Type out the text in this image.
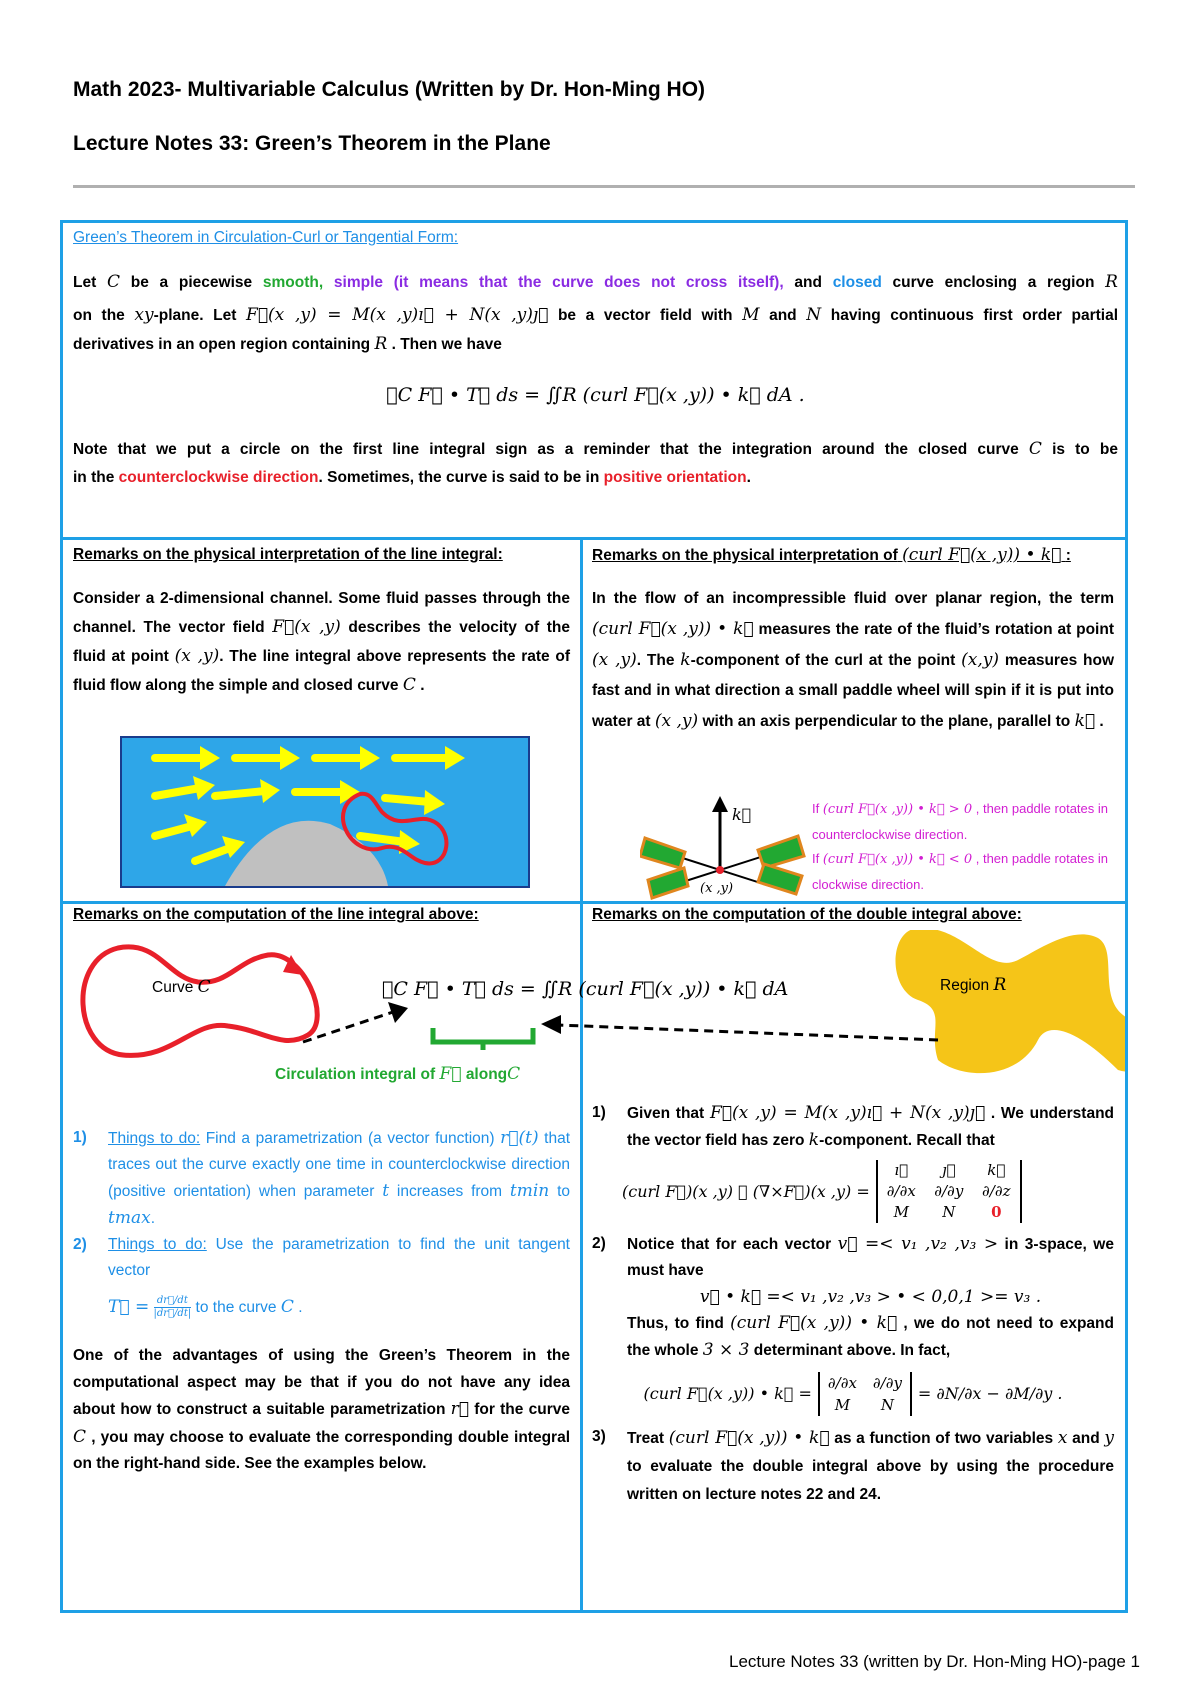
Math 2023- Multivariable Calculus (Written by Dr. Hon-Ming HO)
Lecture Notes 33: Green’s Theorem in the Plane
Green’s Theorem in Circulation-Curl or Tangential Form:
Let C be a piecewise smooth, simple (it means that the curve does not cross itself), and closed curve enclosing a region R
on the xy-plane. Let F⃗(x ,y) = M(x ,y)ı⃗ + N(x ,y)ȷ⃗ be a vector field with M and N having continuous first order partial
derivatives in an open region containing R . Then we have
∮C F⃗ • T⃗ ds = ∬R (curl F⃗(x ,y)) • k⃗ dA .
Note that we put a circle on the first line integral sign as a reminder that the integration around the closed curve C is to be
in the counterclockwise direction. Sometimes, the curve is said to be in positive orientation.
Remarks on the physical interpretation of the line integral:
Consider a 2-dimensional channel. Some fluid passes through the channel. The vector field F⃗(x ,y) describes the velocity of the fluid at point (x ,y). The line integral above represents the rate of fluid flow along the simple and closed curve C .
Remarks on the physical interpretation of (curl F⃗(x ,y)) • k⃗ :
In the flow of an incompressible fluid over planar region, the term (curl F⃗(x ,y)) • k⃗ measures the rate of the fluid’s rotation at point (x ,y). The k-component of the curl at the point (x,y) measures how fast and in what direction a small paddle wheel will spin if it is put into water at (x ,y) with an axis perpendicular to the plane, parallel to k⃗ .
k⃗
(x ,y)
If (curl F⃗(x ,y)) • k⃗ > 0 , then paddle rotates in counterclockwise direction.
If (curl F⃗(x ,y)) • k⃗ < 0 , then paddle rotates in clockwise direction.
Remarks on the computation of the line integral above:	Remarks on the computation of the double integral above:
Curve C	Region R
∮C F⃗ • T⃗ ds = ∬R (curl F⃗(x ,y)) • k⃗ dA
Circulation integral of F⃗ alongC
1)	Things to do: Find a parametrization (a vector function) r⃗(t) that traces out the curve exactly one time in counterclockwise direction (positive orientation) when parameter t increases from tmin to tmax.
2)	Things to do: Use the parametrization to find the unit tangent vector
T⃗ = $\frac{dr⃗/dt}{|dr⃗/dt|}$ to the curve C .
One of the advantages of using the Green’s Theorem in the computational aspect may be that if you do not have any idea about how to construct a suitable parametrization r⃗ for the curve C , you may choose to evaluate the corresponding double integral on the right-hand side. See the examples below.
1)	Given that F⃗(x ,y) = M(x ,y)ı⃗ + N(x ,y)ȷ⃗ . We understand the vector field has zero k-component. Recall that
(curl F⃗)(x ,y) ≝ (∇×F⃗)(x ,y) =
ı⃗	ȷ⃗	k⃗
∂/∂x	∂/∂y	∂/∂z
M	N	0
2)	Notice that for each vector v⃗ =< v₁ ,v₂ ,v₃ > in 3-space, we must have
v⃗ • k⃗ =< v₁ ,v₂ ,v₃ > • < 0,0,1 >= v₃ .
Thus, to find (curl F⃗(x ,y)) • k⃗ , we do not need to expand the whole 3 × 3 determinant above. In fact,
(curl F⃗(x ,y)) • k⃗ =
∂/∂x	∂/∂y
M	N
= ∂N/∂x − ∂M/∂y .
3)	Treat (curl F⃗(x ,y)) • k⃗ as a function of two variables x and y to evaluate the double integral above by using the procedure written on lecture notes 22 and 24.
Lecture Notes 33 (written by Dr. Hon-Ming HO)-page 1
